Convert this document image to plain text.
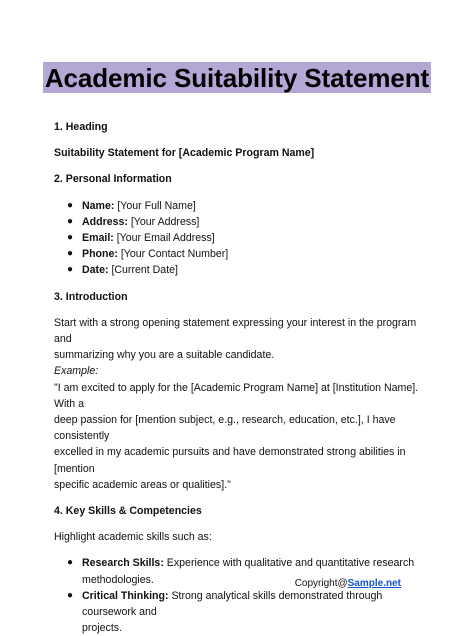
Academic Suitability Statement

1. Heading

Suitability Statement for [Academic Program Name]

2. Personal Information

● Name: [Your Full Name]
● Address: [Your Address]
● Email: [Your Email Address]
● Phone: [Your Contact Number]
● Date: [Current Date]

3. Introduction

Start with a strong opening statement expressing your interest in the program and

summarizing why you are a suitable candidate.

Example:

"I am excited to apply for the [Academic Program Name] at [Institution Name]. With a

deep passion for [mention subject, e.g., research, education, etc.], I have consistently

excelled in my academic pursuits and have demonstrated strong abilities in [mention

specific academic areas or qualities]."

4. Key Skills & Competencies

Highlight academic skills such as:

● Research Skills: Experience with qualitative and quantitative research
methodologies.
● Critical Thinking: Strong analytical skills demonstrated through coursework and
projects.
Copyright@Sample.net
